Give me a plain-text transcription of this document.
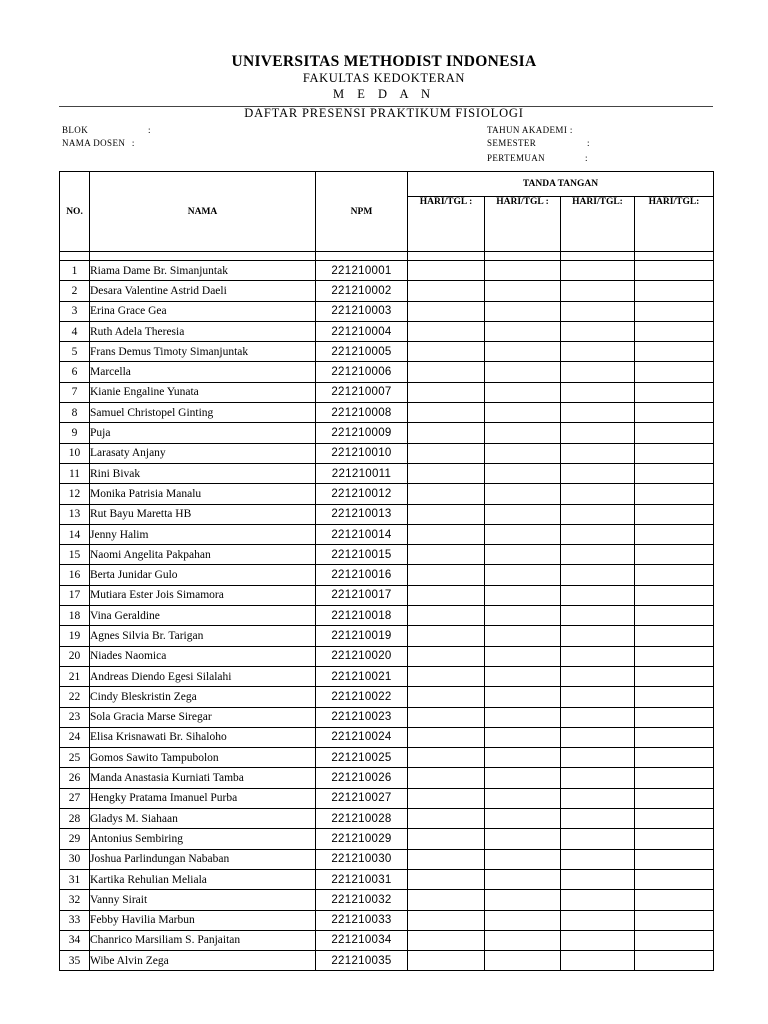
UNIVERSITAS METHODIST INDONESIA
FAKULTAS KEDOKTERAN
M E D A N
DAFTAR PRESENSI PRAKTIKUM FISIOLOGI
BLOK	:
NAMA DOSEN :
TAHUN AKADEMI :
SEMESTER	:
PERTEMUAN	:
NO.	NAMA	NPM	TANDA TANGAN			
			HARI/TGL :	HARI/TGL :	HARI/TGL:	HARI/TGL:

1	Riama Dame Br. Simanjuntak	221210001				
2	Desara Valentine Astrid Daeli	221210002				
3	Erina Grace Gea	221210003				
4	Ruth Adela Theresia	221210004				
5	Frans Demus Timoty Simanjuntak	221210005				
6	Marcella	221210006				
7	Kianie Engaline Yunata	221210007				
8	Samuel Christopel Ginting	221210008				
9	Puja	221210009				
10	Larasaty Anjany	221210010				
11	Rini Bivak	221210011				
12	Monika Patrisia Manalu	221210012				
13	Rut Bayu Maretta HB	221210013				
14	Jenny Halim	221210014				
15	Naomi Angelita Pakpahan	221210015				
16	Berta Junidar Gulo	221210016				
17	Mutiara Ester Jois Simamora	221210017				
18	Vina Geraldine	221210018				
19	Agnes Silvia Br. Tarigan	221210019				
20	Niades Naomica	221210020				
21	Andreas Diendo Egesi Silalahi	221210021				
22	Cindy Bleskristin Zega	221210022				
23	Sola Gracia Marse Siregar	221210023				
24	Elisa Krisnawati Br. Sihaloho	221210024				
25	Gomos Sawito Tampubolon	221210025				
26	Manda Anastasia Kurniati Tamba	221210026				
27	Hengky Pratama Imanuel Purba	221210027				
28	Gladys M. Siahaan	221210028				
29	Antonius Sembiring	221210029				
30	Joshua Parlindungan Nababan	221210030				
31	Kartika Rehulian Meliala	221210031				
32	Vanny Sirait	221210032				
33	Febby Havilia Marbun	221210033				
34	Chanrico Marsiliam S. Panjaitan	221210034				
35	Wibe Alvin Zega	221210035				
